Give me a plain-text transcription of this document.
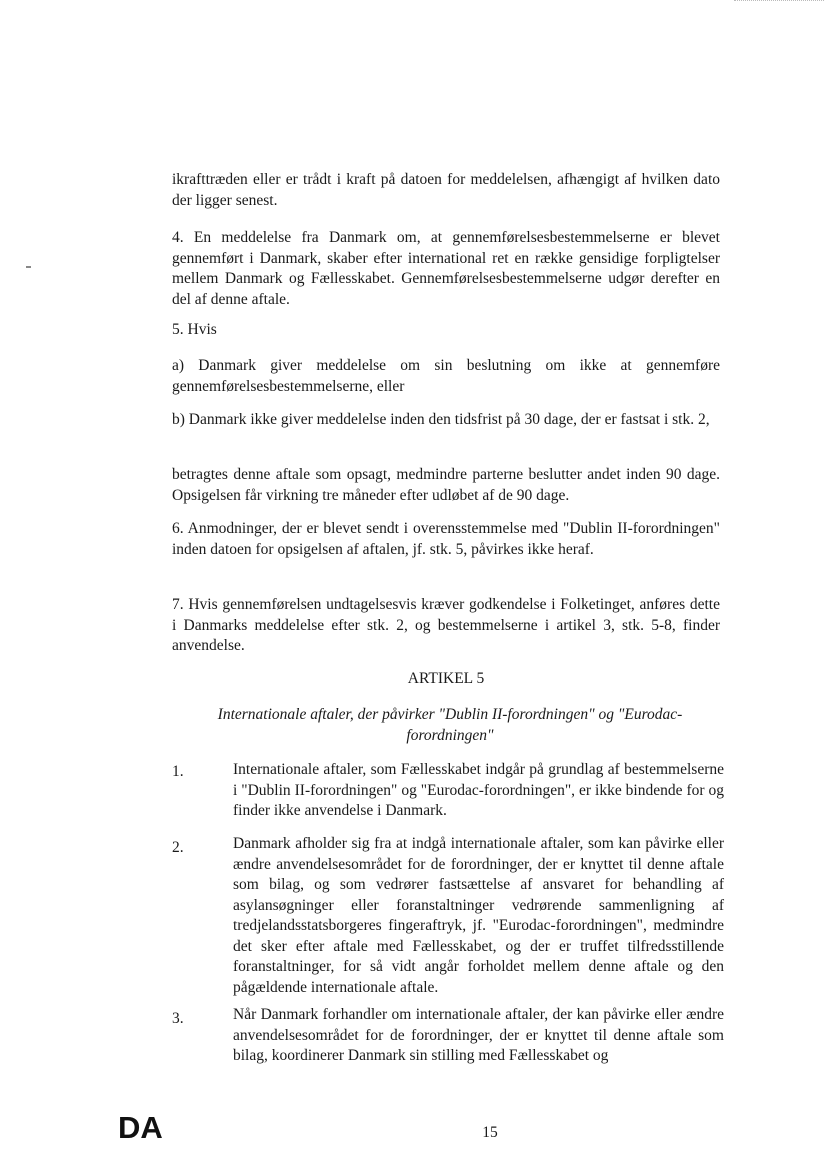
ikrafttræden eller er trådt i kraft på datoen for meddelelsen, afhængigt af hvilken dato der ligger senest.
4. En meddelelse fra Danmark om, at gennemførelsesbestemmelserne er blevet gennemført i Danmark, skaber efter international ret en række gensidige forpligtelser mellem Danmark og Fællesskabet. Gennemførelsesbestemmelserne udgør derefter en del af denne aftale.
5. Hvis
a) Danmark giver meddelelse om sin beslutning om ikke at gennemføre gennemførelsesbestemmelserne, eller
b) Danmark ikke giver meddelelse inden den tidsfrist på 30 dage, der er fastsat i stk. 2,
betragtes denne aftale som opsagt, medmindre parterne beslutter andet inden 90 dage. Opsigelsen får virkning tre måneder efter udløbet af de 90 dage.
6. Anmodninger, der er blevet sendt i overensstemmelse med "Dublin II-forordningen" inden datoen for opsigelsen af aftalen, jf. stk. 5, påvirkes ikke heraf.
7. Hvis gennemførelsen undtagelsesvis kræver godkendelse i Folketinget, anføres dette i Danmarks meddelelse efter stk. 2, og bestemmelserne i artikel 3, stk. 5-8, finder anvendelse.
ARTIKEL 5
Internationale aftaler, der påvirker "Dublin II-forordningen" og "Eurodac-forordningen"
1.	Internationale aftaler, som Fællesskabet indgår på grundlag af bestemmelserne i "Dublin II-forordningen" og "Eurodac-forordningen", er ikke bindende for og finder ikke anvendelse i Danmark.
2.	Danmark afholder sig fra at indgå internationale aftaler, som kan påvirke eller ændre anvendelsesområdet for de forordninger, der er knyttet til denne aftale som bilag, og som vedrører fastsættelse af ansvaret for behandling af asylansøgninger eller foranstaltninger vedrørende sammenligning af tredjelandsstatsborgeres fingeraftryk, jf. "Eurodac-forordningen", medmindre det sker efter aftale med Fællesskabet, og der er truffet tilfredsstillende foranstaltninger, for så vidt angår forholdet mellem denne aftale og den pågældende internationale aftale.
3.	Når Danmark forhandler om internationale aftaler, der kan påvirke eller ændre anvendelsesområdet for de forordninger, der er knyttet til denne aftale som bilag, koordinerer Danmark sin stilling med Fællesskabet og
DA	15
